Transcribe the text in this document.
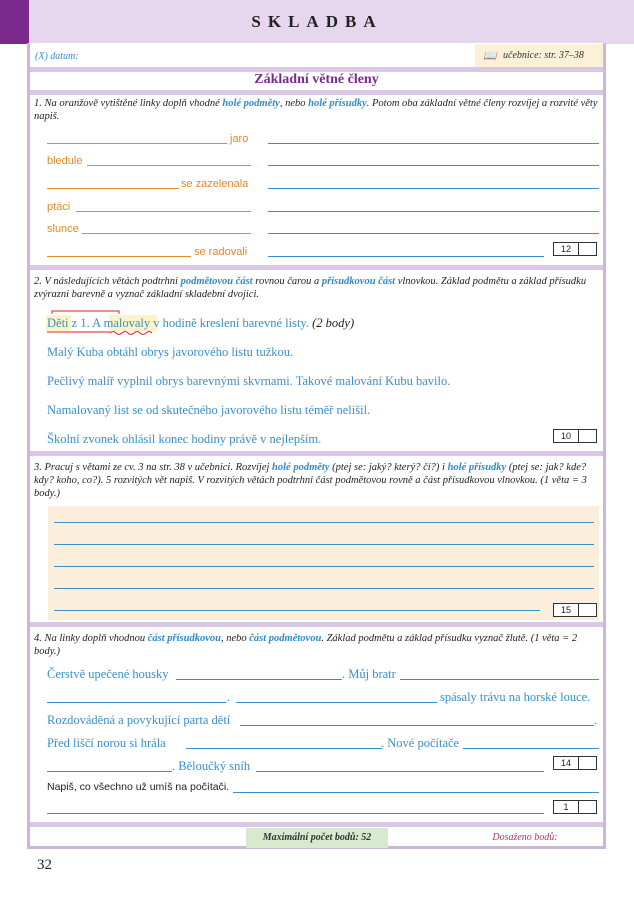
SKLADBA
(X) datum:	📖 učebnice: str. 37–38
Základní větné členy
1. Na oranžově vytištěné linky doplň vhodné holé podměty, nebo holé přísudky. Potom oba základní větné členy rozvíjej a rozvité věty napiš.
jaro
bledule
se zazelenala
ptáci
slunce
se radovali	12
2. V následujících větách podtrhni podmětovou část rovnou čarou a přísudkovou část vlnovkou. Základ podmětu a základ přísudku zvýrazni barevně a vyznač základní skladební dvojici.
Děti z 1. A malovaly v hodině kreslení barevné listy. (2 body)
Malý Kuba obtáhl obrys javorového listu tužkou.
Pečlivý malíř vyplnil obrys barevnými skvrnami. Takové malování Kubu bavilo.
Namalovaný list se od skutečného javorového listu téměř nelišil.
Školní zvonek ohlásil konec hodiny právě v nejlepším.	10
3. Pracuj s větami ze cv. 3 na str. 38 v učebnici. Rozvíjej holé podměty (ptej se: jaký? který? čí?) i holé přísudky (ptej se: jak? kde? kdy? koho, co?). 5 rozvitých vět napiš. V rozvitých větách podtrhni část podmětovou rovně a část přísudkovou vlnovkou. (1 věta = 3 body.)
15
4. Na linky doplň vhodnou část přísudkovou, nebo část podmětovou. Základ podmětu a základ přísudku vyznač žlutě. (1 věta = 2 body.)
Čerstvě upečené housky	. Můj bratr
.	spásaly trávu na horské louce.
Rozdováděná a povykující parta dětí	.
Před liščí norou si hrála	. Nové počítače
. Běloučký sníh	14
Napiš, co všechno už umíš na počítači.
1
Maximální počet bodů: 52	Dosaženo bodů:
32
